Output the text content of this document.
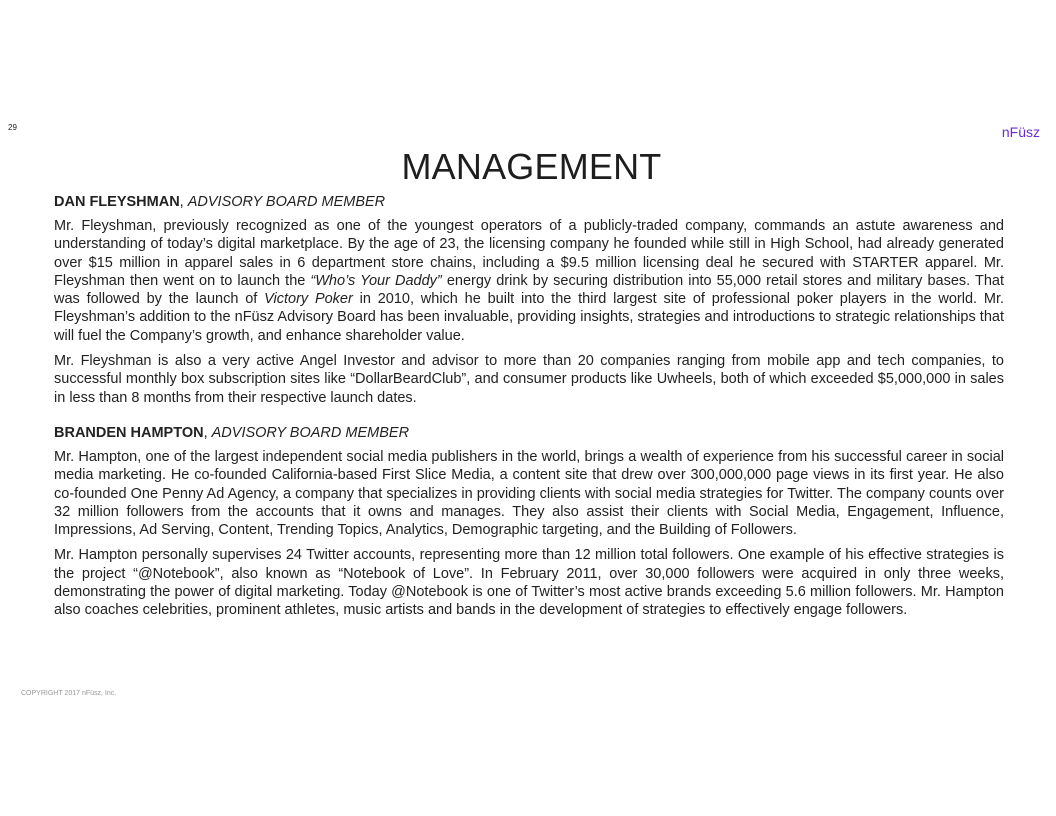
29	nFüsz
MANAGEMENT

DAN FLEYSHMAN, ADVISORY BOARD MEMBER

Mr. Fleyshman, previously recognized as one of the youngest operators of a publicly-traded company, commands an astute awareness and understanding of today’s digital marketplace. By the age of 23, the licensing company he founded while still in High School, had already generated over $15 million in apparel sales in 6 department store chains, including a $9.5 million licensing deal he secured with STARTER apparel. Mr. Fleyshman then went on to launch the “Who’s Your Daddy” energy drink by securing distribution into 55,000 retail stores and military bases. That was followed by the launch of Victory Poker in 2010, which he built into the third largest site of professional poker players in the world. Mr. Fleyshman’s addition to the nFüsz Advisory Board has been invaluable, providing insights, strategies and introductions to strategic relationships that will fuel the Company’s growth, and enhance shareholder value.

Mr. Fleyshman is also a very active Angel Investor and advisor to more than 20 companies ranging from mobile app and tech companies, to successful monthly box subscription sites like “DollarBeardClub”, and consumer products like Uwheels, both of which exceeded $5,000,000 in sales in less than 8 months from their respective launch dates.

BRANDEN HAMPTON, ADVISORY BOARD MEMBER

Mr. Hampton, one of the largest independent social media publishers in the world, brings a wealth of experience from his successful career in social media marketing. He co-founded California-based First Slice Media, a content site that drew over 300,000,000 page views in its first year. He also co-founded One Penny Ad Agency, a company that specializes in providing clients with social media strategies for Twitter. The company counts over 32 million followers from the accounts that it owns and manages. They also assist their clients with Social Media, Engagement, Influence, Impressions, Ad Serving, Content, Trending Topics, Analytics, Demographic targeting, and the Building of Followers.

Mr. Hampton personally supervises 24 Twitter accounts, representing more than 12 million total followers. One example of his effective strategies is the project “@Notebook”, also known as “Notebook of Love”. In February 2011, over 30,000 followers were acquired in only three weeks, demonstrating the power of digital marketing. Today @Notebook is one of Twitter’s most active brands exceeding 5.6 million followers. Mr. Hampton also coaches celebrities, prominent athletes, music artists and bands in the development of strategies to effectively engage followers.

COPYRIGHT 2017 nFüsz, Inc.
